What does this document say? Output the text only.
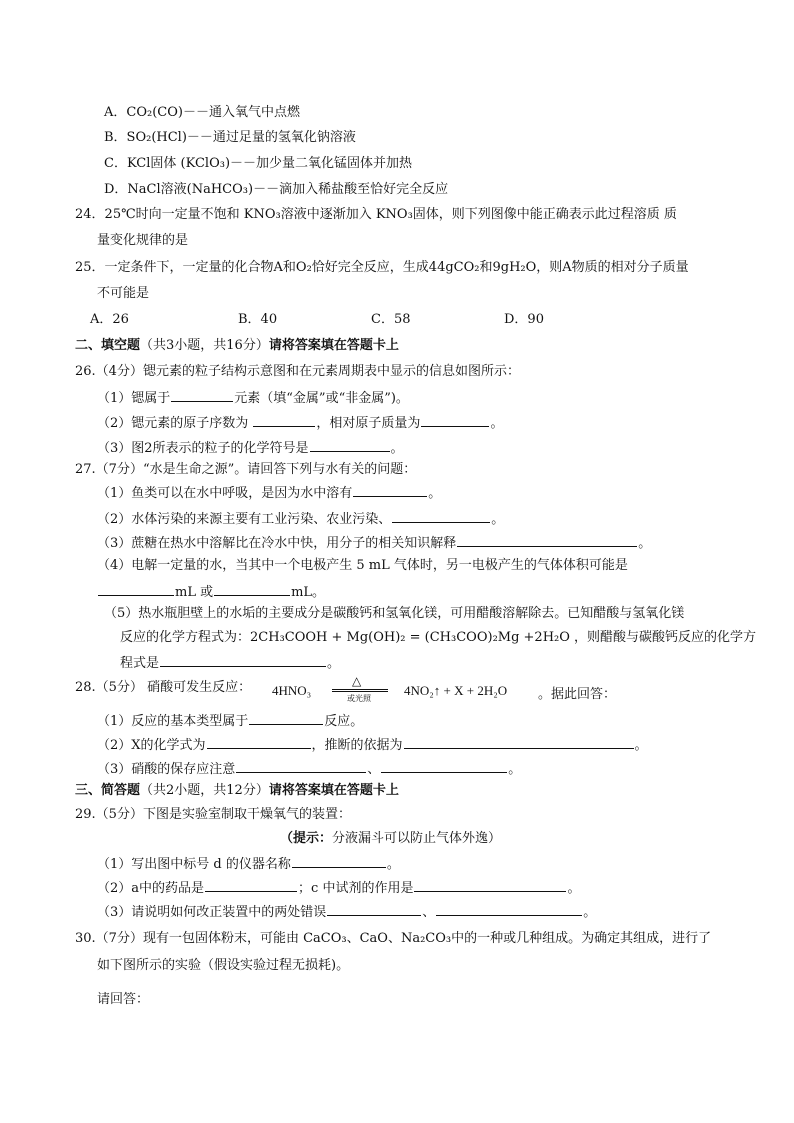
A．CO₂(CO)－－通入氧气中点燃
B．SO₂(HCl)－－通过足量的氢氧化钠溶液
C．KCl固体 (KClO₃)－－加少量二氧化锰固体并加热
D．NaCl溶液(NaHCO₃)－－滴加入稀盐酸至恰好完全反应
24．25℃时向一定量不饱和 KNO₃溶液中逐渐加入 KNO₃固体，则下列图像中能正确表示此过程溶质 质
量变化规律的是
25．一定条件下，一定量的化合物A和O₂恰好完全反应，生成44gCO₂和9gH₂O，则A物质的相对分子质量
不可能是
A．26	B．40	C．58	D．90
二、填空题（共3小题，共16分）请将答案填在答题卡上
26.（4分）锶元素的粒子结构示意图和在元素周期表中显示的信息如图所示：
（1）锶属于	元素（填“金属”或“非金属”)。
（2）锶元素的原子序数为	，相对原子质量为	。
（3）图2所表示的粒子的化学符号是	。
27.（7分）“水是生命之源”。请回答下列与水有关的问题：
（1）鱼类可以在水中呼吸，是因为水中溶有	。
（2）水体污染的来源主要有工业污染、农业污染、	。
（3）蔗糖在热水中溶解比在冷水中快，用分子的相关知识解释	。
（4）电解一定量的水，当其中一个电极产生 5 mL 气体时，另一电极产生的气体体积可能是
mL 或	mL。
（5）热水瓶胆壁上的水垢的主要成分是碳酸钙和氢氧化镁，可用醋酸溶解除去。已知醋酸与氢氧化镁
反应的化学方程式为：2CH₃COOH + Mg(OH)₂ = (CH₃COO)₂Mg +2H₂O ，则醋酸与碳酸钙反应的化学方
程式是	。
28.（5分） 硝酸可发生反应： 4HNO₃
△
或光照
4NO₂↑ + X + 2H₂O 。据此回答：
（1）反应的基本类型属于	反应。
（2）X的化学式为	，推断的依据为	。
（3）硝酸的保存应注意	、	。
三、简答题（共2小题，共12分）请将答案填在答题卡上
29.（5分）下图是实验室制取干燥氧气的装置：
（提示：分液漏斗可以防止气体外逸）
（1）写出图中标号 d 的仪器名称	。
（2）a中的药品是	；c 中试剂的作用是	。
（3）请说明如何改正装置中的两处错误	、	。
30.（7分）现有一包固体粉末，可能由 CaCO₃、CaO、Na₂CO₃中的一种或几种组成。为确定其组成，进行了
如下图所示的实验（假设实验过程无损耗)。
请回答：
